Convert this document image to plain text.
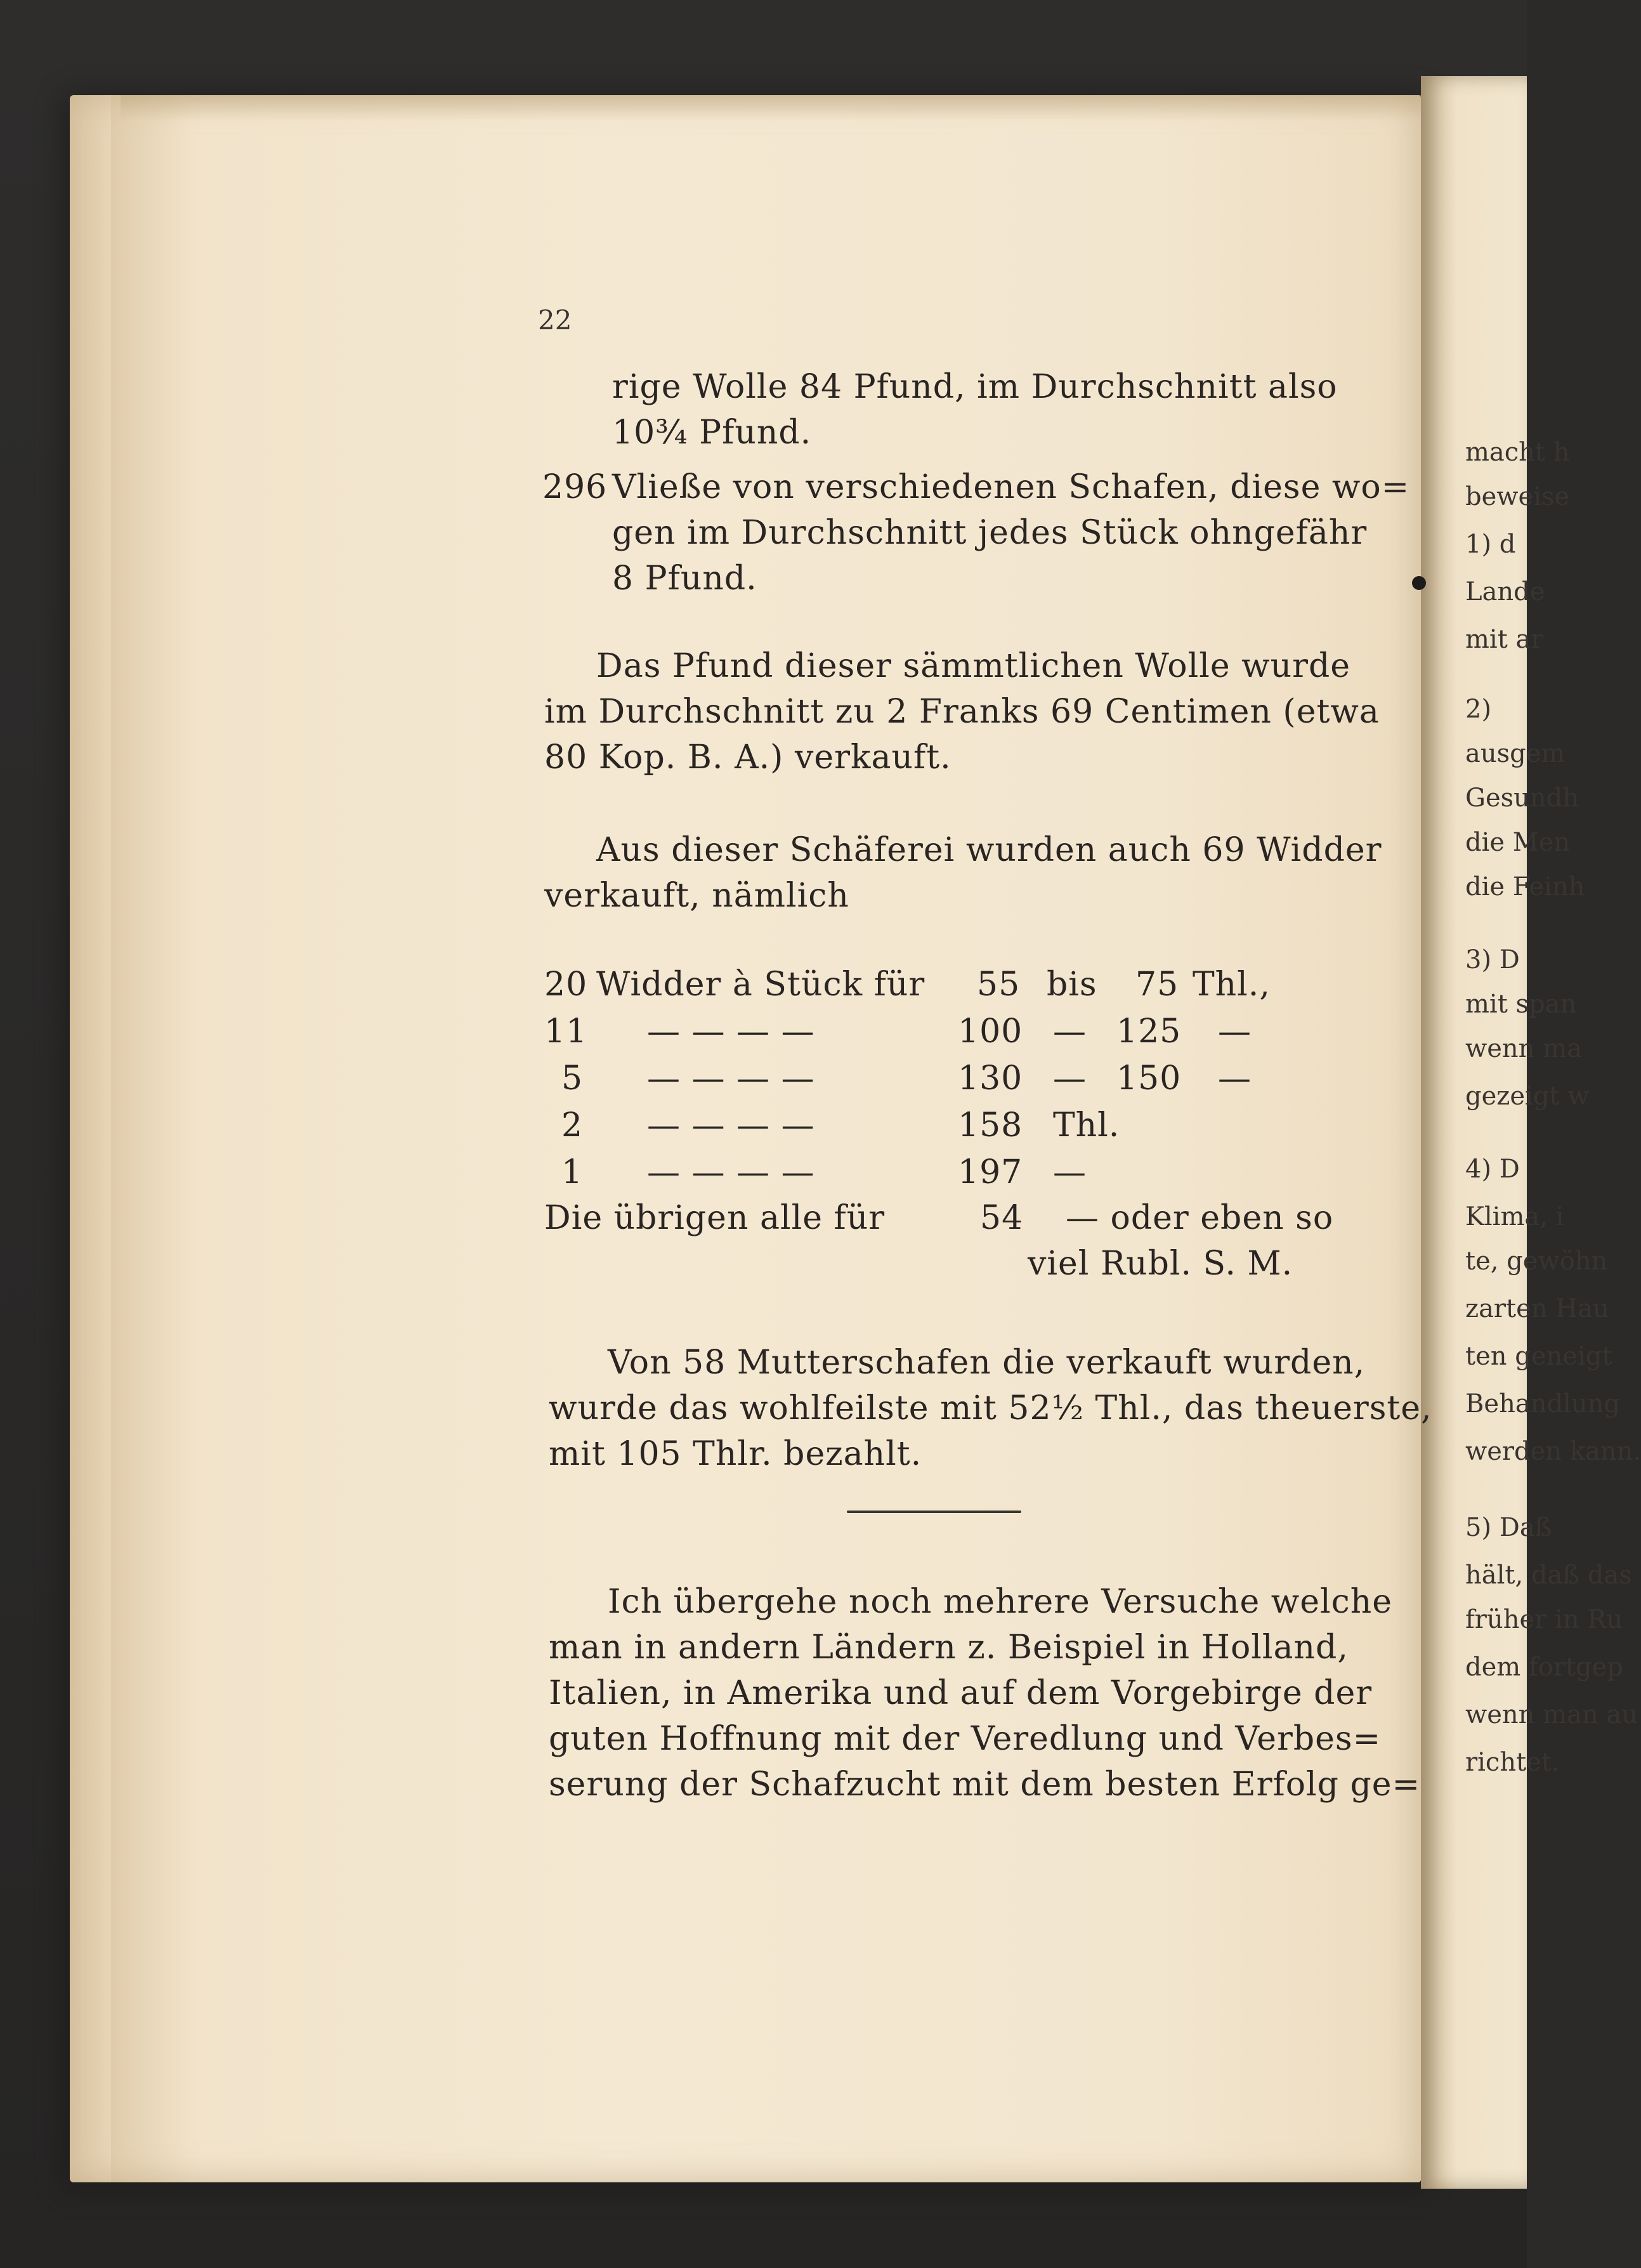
macht h
beweise
1) d
Lande
mit ar
2)
ausgem
Gesundh
die Men
die Feinh
3) D
mit span
wenn ma
gezeigt w
4) D
Klima, i
te, gewöhn
zarten Hau
ten geneigt
Behandlung
werden kann.
5) Daß
hält, daß das
früher in Ru
dem fortgep
wenn man au
richtet.
22
rige Wolle 84 Pfund, im Durchschnitt also
10¾ Pfund.
296 Vließe von verschiedenen Schafen, diese wo=
gen im Durchschnitt jedes Stück ohngefähr
8 Pfund.
Das Pfund dieser sämmtlichen Wolle wurde
im Durchschnitt zu 2 Franks 69 Centimen (etwa
80 Kop. B. A.) verkauft.
Aus dieser Schäferei wurden auch 69 Widder
verkauft, nämlich
20 Widder à Stück für 55 bis 75 Thl.,
11 — — — —	100 — 125 —
5 — — — —	130 — 150 —
2 — — — —	158 Thl.
1 — — — —	197 —
Die übrigen alle für	54 — oder eben so
viel Rubl. S. M.
Von 58 Mutterschafen die verkauft wurden,
wurde das wohlfeilste mit 52½ Thl., das theuerste,
mit 105 Thlr. bezahlt.
Ich übergehe noch mehrere Versuche welche
man in andern Ländern z. Beispiel in Holland,
Italien, in Amerika und auf dem Vorgebirge der
guten Hoffnung mit der Veredlung und Verbes=
serung der Schafzucht mit dem besten Erfolg ge=
